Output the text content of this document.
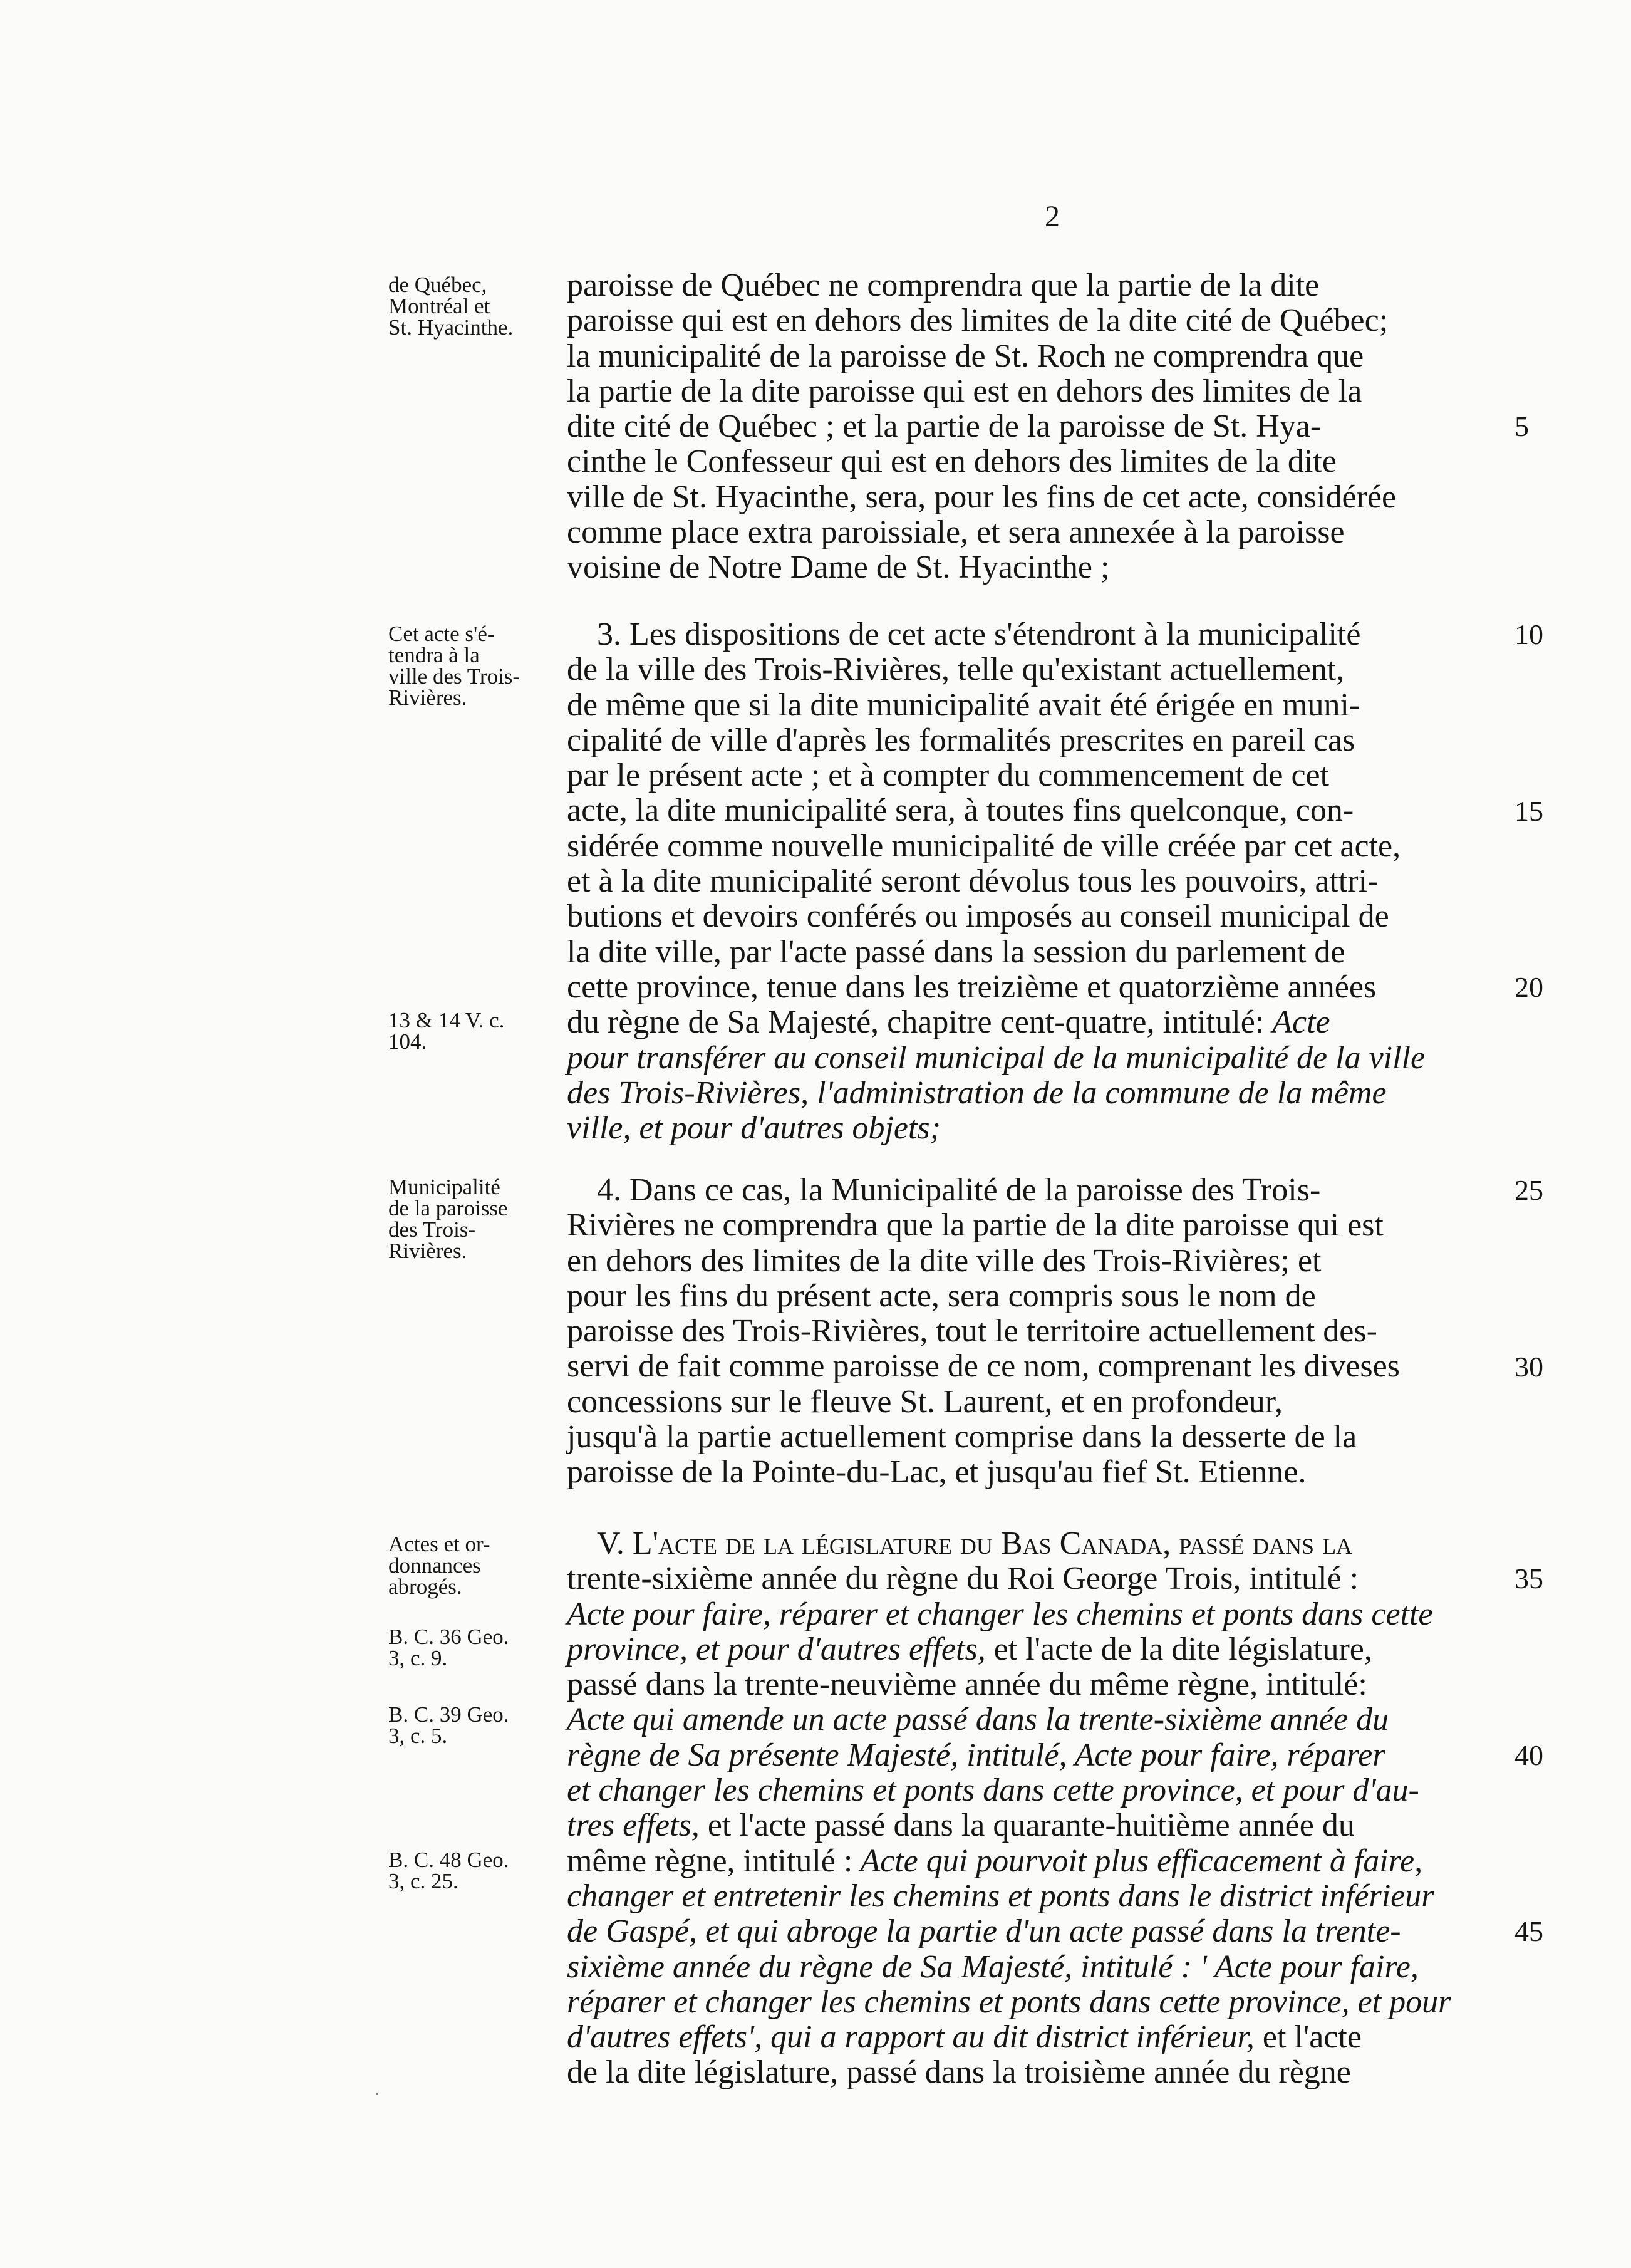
2
de Québec,
Montréal et
St. Hyacinthe.
paroisse de Québec ne comprendra que la partie de la dite
paroisse qui est en dehors des limites de la dite cité de Québec;
la municipalité de la paroisse de St. Roch ne comprendra que
la partie de la dite paroisse qui est en dehors des limites de la
dite cité de Québec ; et la partie de la paroisse de St. Hya-
cinthe le Confesseur qui est en dehors des limites de la dite
ville de St. Hyacinthe, sera, pour les fins de cet acte, considérée
comme place extra paroissiale, et sera annexée à la paroisse
voisine de Notre Dame de St. Hyacinthe ;
Cet acte s'é-
tendra à la
ville des Trois-
Rivières.
13 & 14 V. c.
104.
3. Les dispositions de cet acte s'étendront à la municipalité
de la ville des Trois-Rivières, telle qu'existant actuellement,
de même que si la dite municipalité avait été érigée en muni-
cipalité de ville d'après les formalités prescrites en pareil cas
par le présent acte ; et à compter du commencement de cet
acte, la dite municipalité sera, à toutes fins quelconque, con-
sidérée comme nouvelle municipalité de ville créée par cet acte,
et à la dite municipalité seront dévolus tous les pouvoirs, attri-
butions et devoirs conférés ou imposés au conseil municipal de
la dite ville, par l'acte passé dans la session du parlement de
cette province, tenue dans les treizième et quatorzième années
du règne de Sa Majesté, chapitre cent-quatre, intitulé: Acte
pour transférer au conseil municipal de la municipalité de la ville
des Trois-Rivières, l'administration de la commune de la même
ville, et pour d'autres objets;
Municipalité
de la paroisse
des Trois-
Rivières.
4. Dans ce cas, la Municipalité de la paroisse des Trois-
Rivières ne comprendra que la partie de la dite paroisse qui est
en dehors des limites de la dite ville des Trois-Rivières; et
pour les fins du présent acte, sera compris sous le nom de
paroisse des Trois-Rivières, tout le territoire actuellement des-
servi de fait comme paroisse de ce nom, comprenant les diveses
concessions sur le fleuve St. Laurent, et en profondeur,
jusqu'à la partie actuellement comprise dans la desserte de la
paroisse de la Pointe-du-Lac, et jusqu'au fief St. Etienne.
Actes et or-
donnances
abrogés.
B. C. 36 Geo.
3, c. 9.
B. C. 39 Geo.
3, c. 5.
B. C. 48 Geo.
3, c. 25.
V. L'acte de la législature du Bas Canada, passé dans la
trente-sixième année du règne du Roi George Trois, intitulé :
Acte pour faire, réparer et changer les chemins et ponts dans cette
province, et pour d'autres effets, et l'acte de la dite législature,
passé dans la trente-neuvième année du même règne, intitulé:
Acte qui amende un acte passé dans la trente-sixième année du
règne de Sa présente Majesté, intitulé, Acte pour faire, réparer
et changer les chemins et ponts dans cette province, et pour d'au-
tres effets, et l'acte passé dans la quarante-huitième année du
même règne, intitulé : Acte qui pourvoit plus efficacement à faire,
changer et entretenir les chemins et ponts dans le district inférieur
de Gaspé, et qui abroge la partie d'un acte passé dans la trente-
sixième année du règne de Sa Majesté, intitulé : ' Acte pour faire,
réparer et changer les chemins et ponts dans cette province, et pour
d'autres effets', qui a rapport au dit district inférieur, et l'acte
de la dite législature, passé dans la troisième année du règne
5
10
15
20
25
30
35
40
45
